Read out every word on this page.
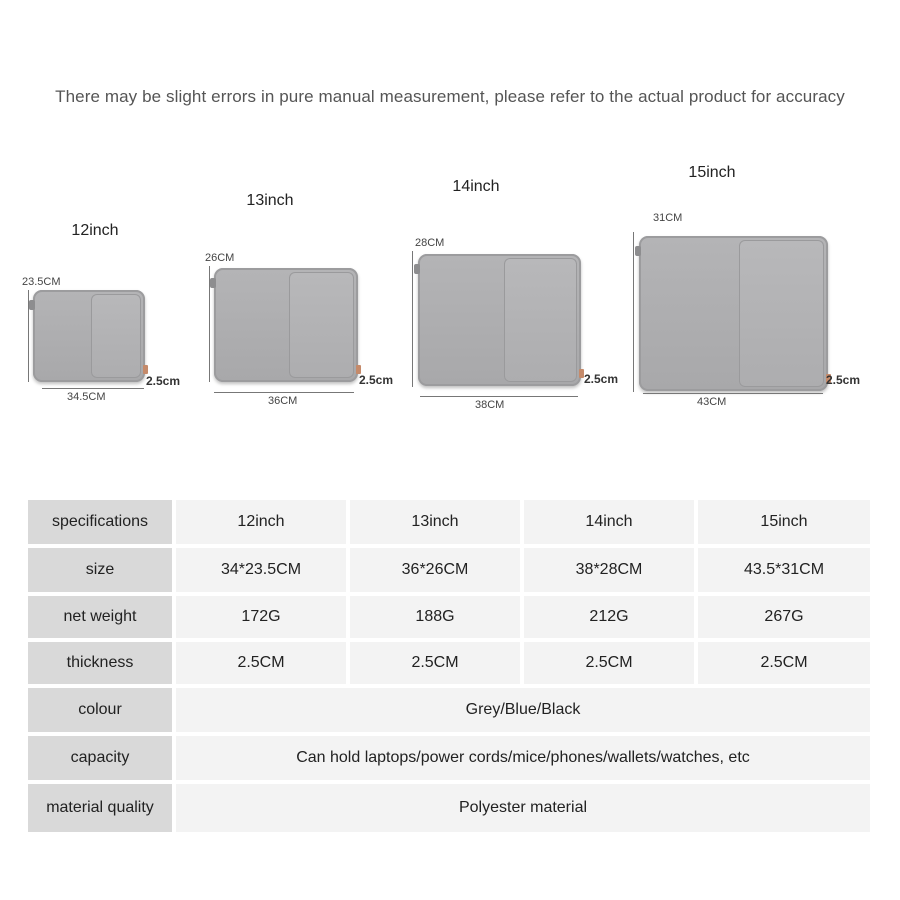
There may be slight errors in pure manual measurement, please refer to the actual product for accuracy
12inch
23.5CM
2.5cm
34.5CM
13inch
26CM
2.5cm
36CM
14inch
28CM
2.5cm
38CM
15inch
31CM
2.5cm
43CM
specifications	12inch	13inch	14inch	15inch
size	34*23.5CM	36*26CM	38*28CM	43.5*31CM
net weight	172G	188G	212G	267G
thickness	2.5CM	2.5CM	2.5CM	2.5CM
colour	Grey/Blue/Black			
capacity	Can hold laptops/power cords/mice/phones/wallets/watches, etc			
material quality	Polyester material			
